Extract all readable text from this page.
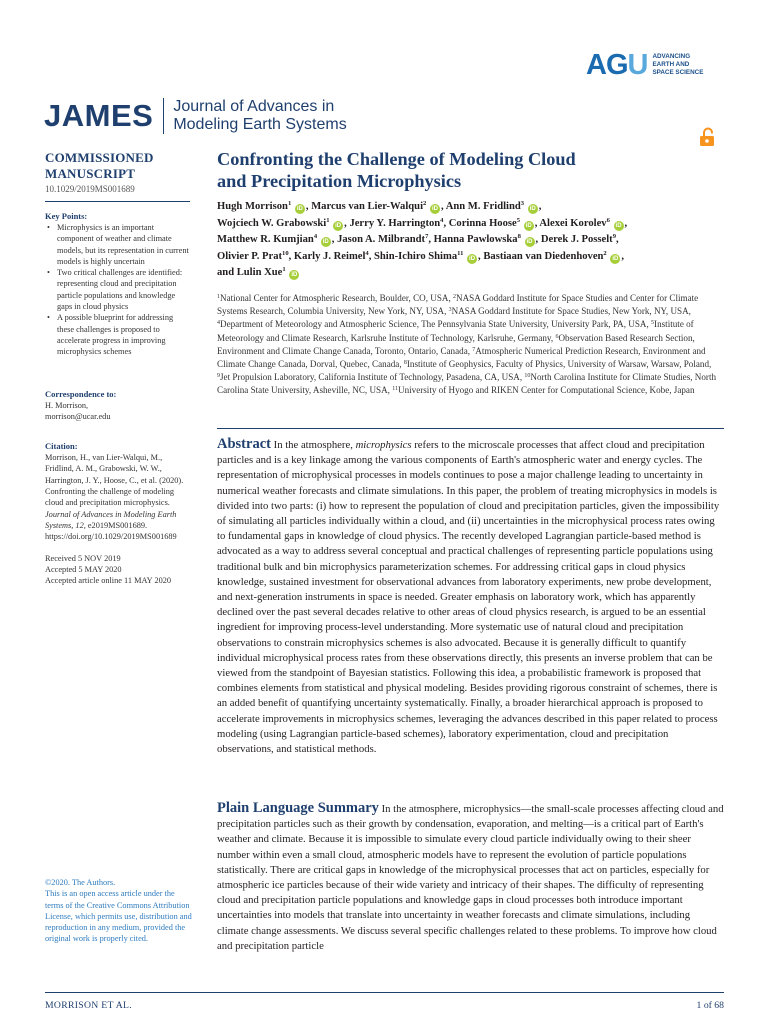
AGU ADVANCING
EARTH AND
SPACE SCIENCE
JAMES Journal of Advances in
Modeling Earth Systems
COMMISSIONED
MANUSCRIPT
10.1029/2019MS001689
Key Points:
• Microphysics is an important component of weather and climate models, but its representation in current models is highly uncertain
• Two critical challenges are identified: representing cloud and precipitation particle populations and knowledge gaps in cloud physics
• A possible blueprint for addressing these challenges is proposed to accelerate progress in improving microphysics schemes
Correspondence to:
H. Morrison,
morrison@ucar.edu
Citation:
Morrison, H., van Lier-Walqui, M., Fridlind, A. M., Grabowski, W. W., Harrington, J. Y., Hoose, C., et al. (2020). Confronting the challenge of modeling cloud and precipitation microphysics. Journal of Advances in Modeling Earth Systems, 12, e2019MS001689. https://doi.org/10.1029/2019MS001689
Received 5 NOV 2019
Accepted 5 MAY 2020
Accepted article online 11 MAY 2020
©2020. The Authors.
This is an open access article under the terms of the Creative Commons Attribution License, which permits use, distribution and reproduction in any medium, provided the original work is properly cited.
Confronting the Challenge of Modeling Cloud
and Precipitation Microphysics
Hugh Morrison$^1$ iD , Marcus van Lier-Walqui$^2$ iD , Ann M. Fridlind$^3$ iD ,
Wojciech W. Grabowski$^1$ iD , Jerry Y. Harrington$^4$, Corinna Hoose$^5$ iD , Alexei Korolev$^6$ iD ,
Matthew R. Kumjian$^4$ iD , Jason A. Milbrandt$^7$, Hanna Pawlowska$^8$ iD , Derek J. Posselt$^9$,
Olivier P. Prat$^{10}$, Karly J. Reimel$^4$, Shin-Ichiro Shima$^{11}$ iD , Bastiaan van Diedenhoven$^2$ iD ,
and Lulin Xue$^1$ iD
$^1$National Center for Atmospheric Research, Boulder, CO, USA, $^2$NASA Goddard Institute for Space Studies and Center for Climate Systems Research, Columbia University, New York, NY, USA, $^3$NASA Goddard Institute for Space Studies, New York, NY, USA, $^4$Department of Meteorology and Atmospheric Science, The Pennsylvania State University, University Park, PA, USA, $^5$Institute of Meteorology and Climate Research, Karlsruhe Institute of Technology, Karlsruhe, Germany, $^6$Observation Based Research Section, Environment and Climate Change Canada, Toronto, Ontario, Canada, $^7$Atmospheric Numerical Prediction Research, Environment and Climate Change Canada, Dorval, Quebec, Canada, $^8$Institute of Geophysics, Faculty of Physics, University of Warsaw, Warsaw, Poland, $^9$Jet Propulsion Laboratory, California Institute of Technology, Pasadena, CA, USA, $^{10}$North Carolina Institute for Climate Studies, North Carolina State University, Asheville, NC, USA, $^{11}$University of Hyogo and RIKEN Center for Computational Science, Kobe, Japan
Abstract In the atmosphere, microphysics refers to the microscale processes that affect cloud and precipitation particles and is a key linkage among the various components of Earth's atmospheric water and energy cycles. The representation of microphysical processes in models continues to pose a major challenge leading to uncertainty in numerical weather forecasts and climate simulations. In this paper, the problem of treating microphysics in models is divided into two parts: (i) how to represent the population of cloud and precipitation particles, given the impossibility of simulating all particles individually within a cloud, and (ii) uncertainties in the microphysical process rates owing to fundamental gaps in knowledge of cloud physics. The recently developed Lagrangian particle-based method is advocated as a way to address several conceptual and practical challenges of representing particle populations using traditional bulk and bin microphysics parameterization schemes. For addressing critical gaps in cloud physics knowledge, sustained investment for observational advances from laboratory experiments, new probe development, and next-generation instruments in space is needed. Greater emphasis on laboratory work, which has apparently declined over the past several decades relative to other areas of cloud physics research, is argued to be an essential ingredient for improving process-level understanding. More systematic use of natural cloud and precipitation observations to constrain microphysics schemes is also advocated. Because it is generally difficult to quantify individual microphysical process rates from these observations directly, this presents an inverse problem that can be viewed from the standpoint of Bayesian statistics. Following this idea, a probabilistic framework is proposed that combines elements from statistical and physical modeling. Besides providing rigorous constraint of schemes, there is an added benefit of quantifying uncertainty systematically. Finally, a broader hierarchical approach is proposed to accelerate improvements in microphysics schemes, leveraging the advances described in this paper related to process modeling (using Lagrangian particle-based schemes), laboratory experimentation, cloud and precipitation observations, and statistical methods.
Plain Language Summary In the atmosphere, microphysics—the small-scale processes affecting cloud and precipitation particles such as their growth by condensation, evaporation, and melting—is a critical part of Earth's weather and climate. Because it is impossible to simulate every cloud particle individually owing to their sheer number within even a small cloud, atmospheric models have to represent the evolution of particle populations statistically. There are critical gaps in knowledge of the microphysical processes that act on particles, especially for atmospheric ice particles because of their wide variety and intricacy of their shapes. The difficulty of representing cloud and precipitation particle populations and knowledge gaps in cloud processes both introduce important uncertainties into models that translate into uncertainty in weather forecasts and climate simulations, including climate change assessments. We discuss several specific challenges related to these problems. To improve how cloud and precipitation particle
MORRISON ET AL.	1 of 68
